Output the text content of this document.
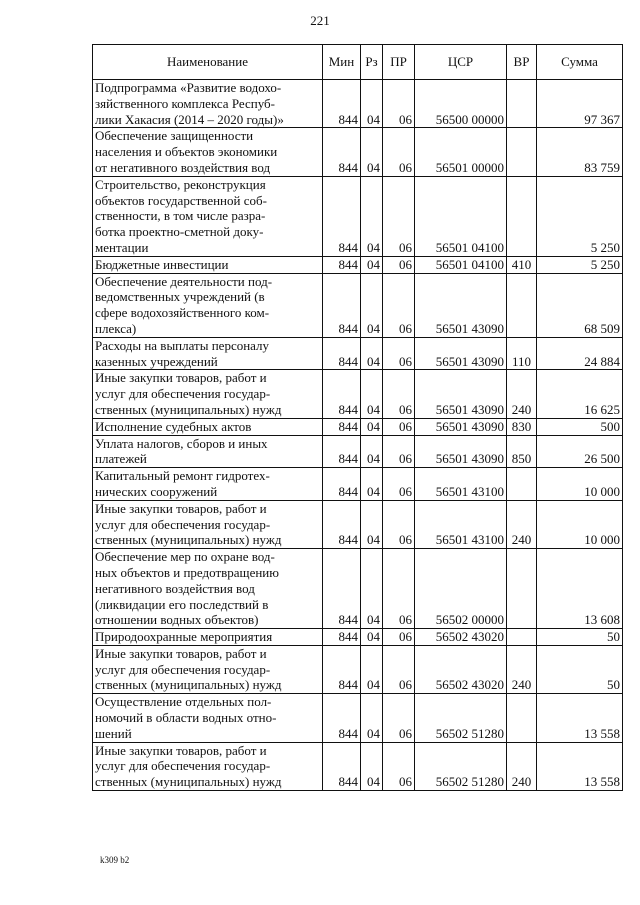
221
Наименование	Мин	Рз	ПР	ЦСР	ВР	Сумма
Подпрограмма «Развитие водохо-
зяйственного комплекса Респуб-
лики Хакасия (2014 – 2020 годы)»	844	04	06	56500 00000		97 367
Обеспечение защищенности
населения и объектов экономики
от негативного воздействия вод	844	04	06	56501 00000		83 759
Строительство, реконструкция
объектов государственной соб-
ственности, в том числе разра-
ботка проектно-сметной доку-
ментации	844	04	06	56501 04100		5 250
Бюджетные инвестиции	844	04	06	56501 04100	410	5 250
Обеспечение деятельности под-
ведомственных учреждений (в
сфере водохозяйственного ком-
плекса)	844	04	06	56501 43090		68 509
Расходы на выплаты персоналу
казенных учреждений	844	04	06	56501 43090	110	24 884
Иные закупки товаров, работ и
услуг для обеспечения государ-
ственных (муниципальных) нужд	844	04	06	56501 43090	240	16 625
Исполнение судебных актов	844	04	06	56501 43090	830	500
Уплата налогов, сборов и иных
платежей	844	04	06	56501 43090	850	26 500
Капитальный ремонт гидротех-
нических сооружений	844	04	06	56501 43100		10 000
Иные закупки товаров, работ и
услуг для обеспечения государ-
ственных (муниципальных) нужд	844	04	06	56501 43100	240	10 000
Обеспечение мер по охране вод-
ных объектов и предотвращению
негативного воздействия вод
(ликвидации его последствий в
отношении водных объектов)	844	04	06	56502 00000		13 608
Природоохранные мероприятия	844	04	06	56502 43020		50
Иные закупки товаров, работ и
услуг для обеспечения государ-
ственных (муниципальных) нужд	844	04	06	56502 43020	240	50
Осуществление отдельных пол-
номочий в области водных отно-
шений	844	04	06	56502 51280		13 558
Иные закупки товаров, работ и
услуг для обеспечения государ-
ственных (муниципальных) нужд	844	04	06	56502 51280	240	13 558
k309 b2
